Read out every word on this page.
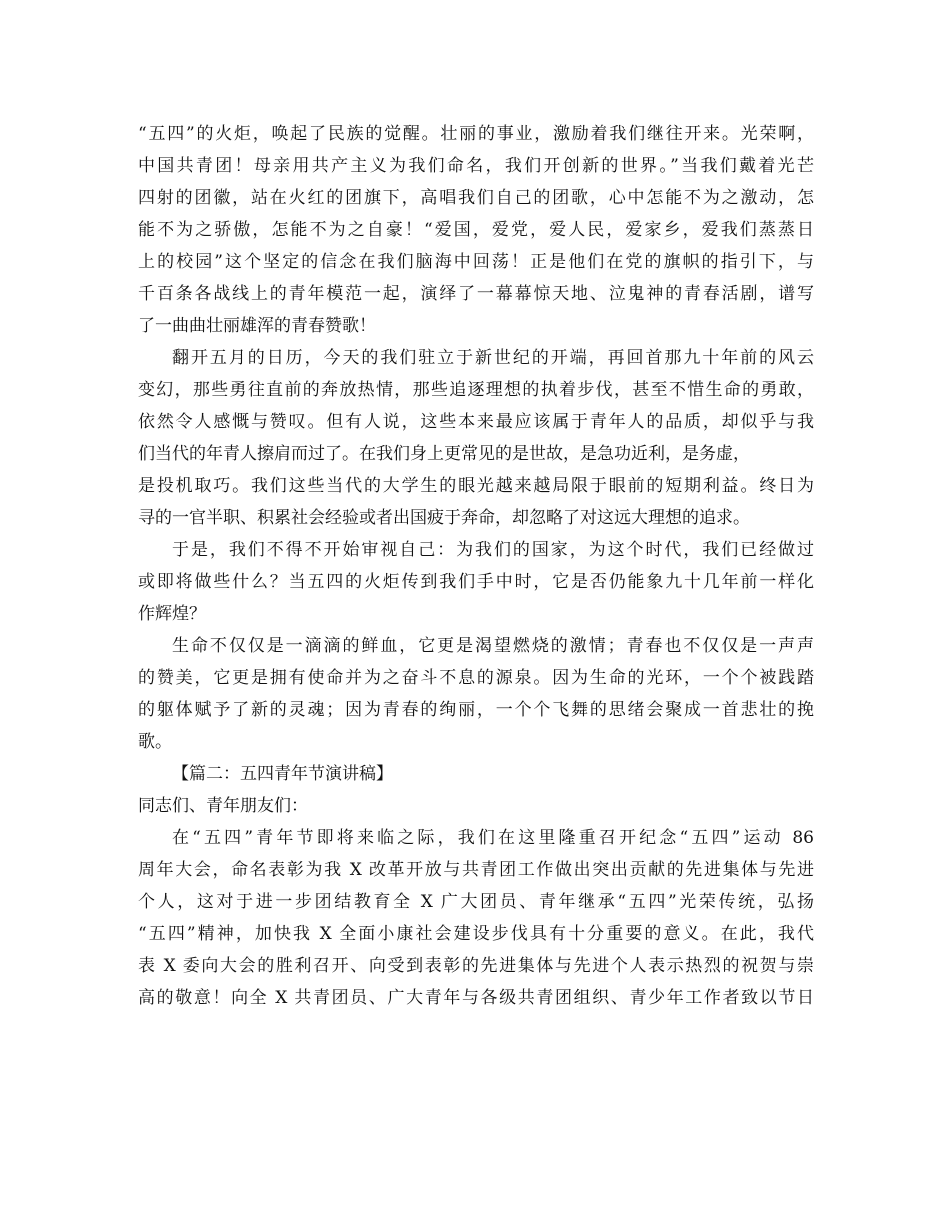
“五四”的火炬，唤起了民族的觉醒。壮丽的事业，激励着我们继往开来。光荣啊，
中国共青团！母亲用共产主义为我们命名，我们开创新的世界。”当我们戴着光芒
四射的团徽，站在火红的团旗下，高唱我们自己的团歌，心中怎能不为之激动，怎
能不为之骄傲，怎能不为之自豪！“爱国，爱党，爱人民，爱家乡，爱我们蒸蒸日
上的校园”这个坚定的信念在我们脑海中回荡！正是他们在党的旗帜的指引下，与
千百条各战线上的青年模范一起，演绎了一幕幕惊天地、泣鬼神的青春活剧，谱写
了一曲曲壮丽雄浑的青春赞歌！
翻开五月的日历，今天的我们驻立于新世纪的开端，再回首那九十年前的风云
变幻，那些勇往直前的奔放热情，那些追逐理想的执着步伐，甚至不惜生命的勇敢，
依然令人感慨与赞叹。但有人说，这些本来最应该属于青年人的品质，却似乎与我
们当代的年青人擦肩而过了。在我们身上更常见的是世故，是急功近利，是务虚，
是投机取巧。我们这些当代的大学生的眼光越来越局限于眼前的短期利益。终日为
寻的一官半职、积累社会经验或者出国疲于奔命，却忽略了对这远大理想的追求。
于是，我们不得不开始审视自己：为我们的国家，为这个时代，我们已经做过
或即将做些什么？当五四的火炬传到我们手中时，它是否仍能象九十几年前一样化
作辉煌？
生命不仅仅是一滴滴的鲜血，它更是渴望燃烧的激情；青春也不仅仅是一声声
的赞美，它更是拥有使命并为之奋斗不息的源泉。因为生命的光环，一个个被践踏
的躯体赋予了新的灵魂；因为青春的绚丽，一个个飞舞的思绪会聚成一首悲壮的挽
歌。
【篇二：五四青年节演讲稿】
同志们、青年朋友们：
在“五四”青年节即将来临之际，我们在这里隆重召开纪念“五四”运动 86
周年大会，命名表彰为我 X 改革开放与共青团工作做出突出贡献的先进集体与先进
个人，这对于进一步团结教育全 X 广大团员、青年继承“五四”光荣传统，弘扬
“五四”精神，加快我 X 全面小康社会建设步伐具有十分重要的意义。在此，我代
表 X 委向大会的胜利召开、向受到表彰的先进集体与先进个人表示热烈的祝贺与崇
高的敬意！向全 X 共青团员、广大青年与各级共青团组织、青少年工作者致以节日
